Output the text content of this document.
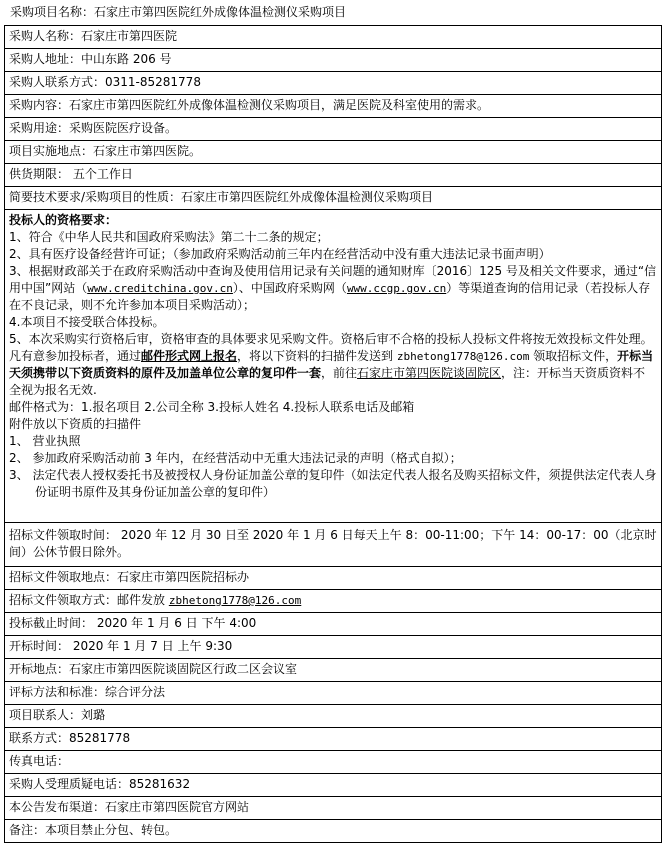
采购项目名称：石家庄市第四医院红外成像体温检测仪采购项目
采购人名称：石家庄市第四医院
采购人地址：中山东路 206 号
采购人联系方式：0311-85281778
采购内容：石家庄市第四医院红外成像体温检测仪采购项目，满足医院及科室使用的需求。
采购用途：采购医院医疗设备。
项目实施地点：石家庄市第四医院。
供货期限： 五个工作日
简要技术要求/采购项目的性质：石家庄市第四医院红外成像体温检测仪采购项目

投标人的资格要求：

1、符合《中华人民共和国政府采购法》第二十二条的规定；

2、具有医疗设备经营许可证；（参加政府采购活动前三年内在经营活动中没有重大违法记录书面声明）

3、根据财政部关于在政府采购活动中查询及使用信用记录有关问题的通知财库〔2016〕125 号及相关文件要求，通过“信用中国”网站（www.creditchina.gov.cn）、中国政府采购网（www.ccgp.gov.cn）等渠道查询的信用记录（若投标人存在不良记录，则不允许参加本项目采购活动）；

4.本项目不接受联合体投标。

5、本次采购实行资格后审，资格审查的具体要求见采购文件。资格后审不合格的投标人投标文件将按无效投标文件处理。

凡有意参加投标者，通过邮件形式网上报名，将以下资料的扫描件发送到 zbhetong1778@126.com 领取招标文件，开标当天须携带以下资质资料的原件及加盖单位公章的复印件一套，前往石家庄市第四医院谈固院区，注：开标当天资质资料不全视为报名无效.

邮件格式为：1.报名项目 2.公司全称 3.投标人姓名 4.投标人联系电话及邮箱

附件放以下资质的扫描件

1、 营业执照

2、 参加政府采购活动前 3 年内，在经营活动中无重大违法记录的声明（格式自拟）；

3、 法定代表人授权委托书及被授权人身份证加盖公章的复印件（如法定代表人报名及购买招标文件，须提供法定代表人身份证明书原件及其身份证加盖公章的复印件）

招标文件领取时间： 2020 年 12 月 30 日至 2020 年 1 月 6 日每天上午 8：00-11:00；下午 14：00-17：00（北京时间）公休节假日除外。
招标文件领取地点：石家庄市第四医院招标办
招标文件领取方式：邮件发放 zbhetong1778@126.com
投标截止时间： 2020 年 1 月 6 日 下午 4:00
开标时间： 2020 年 1 月 7 日 上午 9:30
开标地点：石家庄市第四医院谈固院区行政二区会议室
评标方法和标准：综合评分法
项目联系人：刘璐
联系方式：85281778
传真电话：
采购人受理质疑电话：85281632
本公告发布渠道：石家庄市第四医院官方网站
备注：本项目禁止分包、转包。
